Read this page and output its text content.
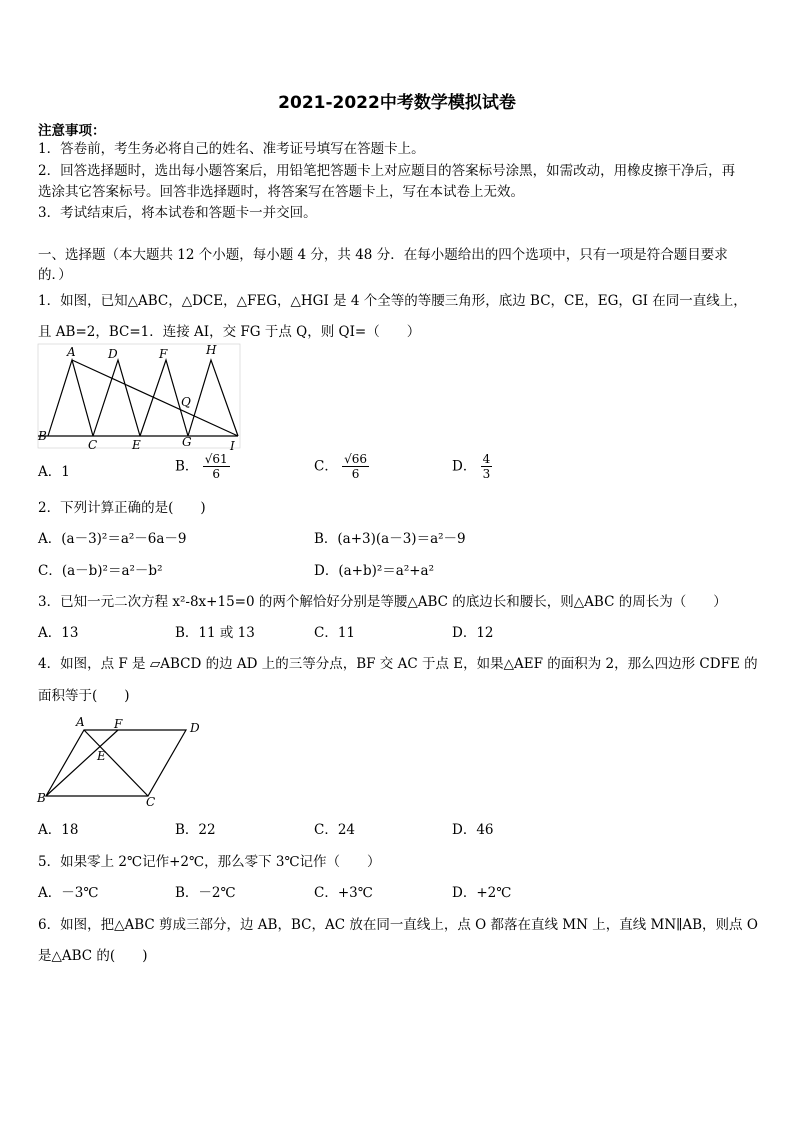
2021-2022中考数学模拟试卷
注意事项：
1．答卷前，考生务必将自己的姓名、准考证号填写在答题卡上。
2．回答选择题时，选出每小题答案后，用铅笔把答题卡上对应题目的答案标号涂黑，如需改动，用橡皮擦干净后，再
选涂其它答案标号。回答非选择题时，将答案写在答题卡上，写在本试卷上无效。
3．考试结束后，将本试卷和答题卡一并交回。
一、选择题（本大题共 12 个小题，每小题 4 分，共 48 分．在每小题给出的四个选项中，只有一项是符合题目要求
的．）
1．如图，已知△ABC，△DCE，△FEG，△HGI 是 4 个全等的等腰三角形，底边 BC，CE，EG，GI 在同一直线上，
且 AB=2，BC=1．连接 AI，交 FG 于点 Q，则 QI=（　　）
A	D	F	H
Q
B
C	E	G	I
A．1	B． $\frac{√61}{6}$	C． $\frac{√66}{6}$	D． $\frac{4}{3}$
2．下列计算正确的是(　　)
A．(a－3)²＝a²－6a－9	B．(a+3)(a－3)＝a²－9
C．(a－b)²＝a²－b²	D．(a+b)²＝a²+a²
3．已知一元二次方程 x²-8x+15=0 的两个解恰好分别是等腰△ABC 的底边长和腰长，则△ABC 的周长为（　　）
A．13	B．11 或 13	C．11	D．12
4．如图，点 F 是 ▱ABCD 的边 AD 上的三等分点，BF 交 AC 于点 E，如果△AEF 的面积为 2，那么四边形 CDFE 的
面积等于(　　)
A F	D
E
B	C
A．18	B．22	C．24	D．46
5．如果零上 2℃记作+2℃，那么零下 3℃记作（　　）
A．－3℃	B．－2℃	C．+3℃	D．+2℃
6．如图，把△ABC 剪成三部分，边 AB，BC，AC 放在同一直线上，点 O 都落在直线 MN 上，直线 MN∥AB，则点 O
是△ABC 的(　　)
